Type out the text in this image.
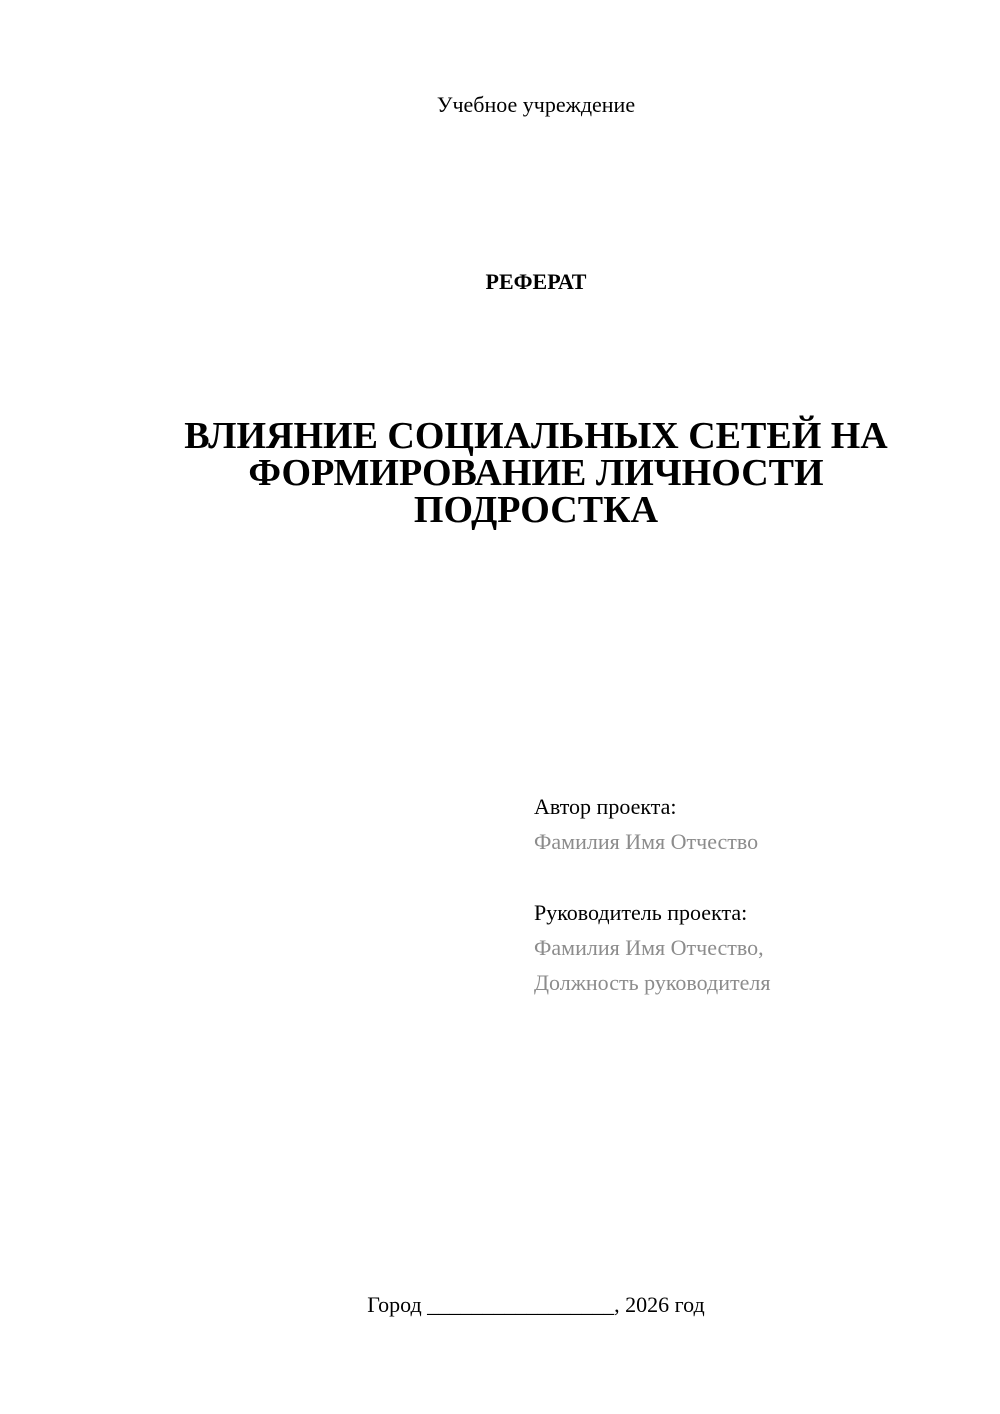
Учебное учреждение
РЕФЕРАТ
ВЛИЯНИЕ СОЦИАЛЬНЫХ СЕТЕЙ НА
ФОРМИРОВАНИЕ ЛИЧНОСТИ
ПОДРОСТКА
Автор проекта:
Фамилия Имя Отчество
Руководитель проекта:
Фамилия Имя Отчество,
Должность руководителя
Город _________________, 2026 год
